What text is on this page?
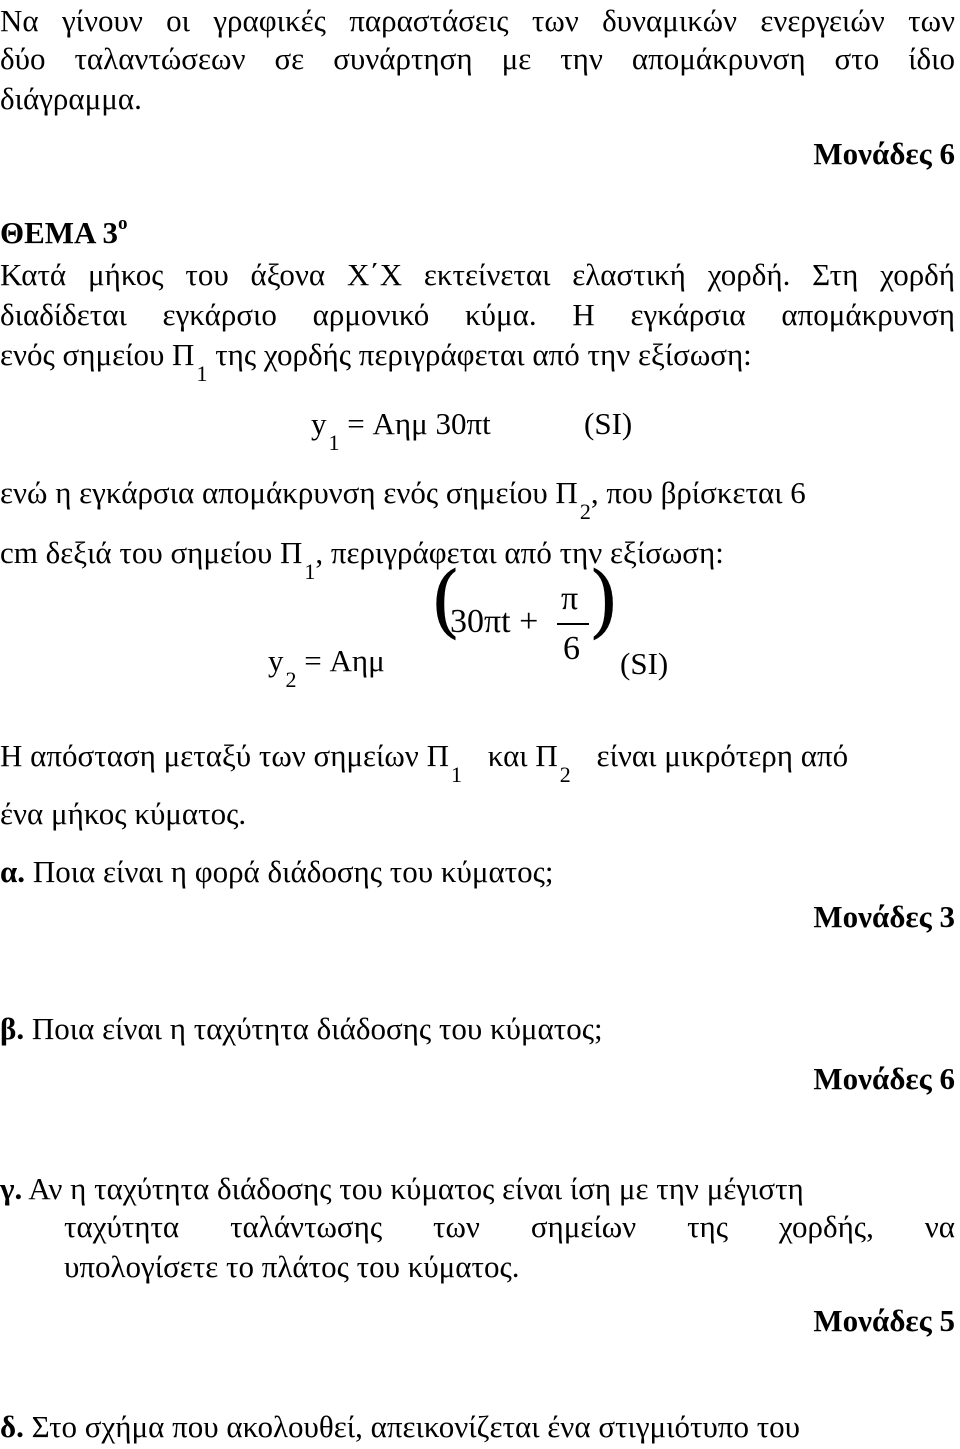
Να γίνουν οι γραφικές παραστάσεις των δυναμικών ενεργειών των
δύο ταλαντώσεων σε συνάρτηση με την απομάκρυνση στο ίδιο
διάγραμμα.
Μονάδες 6
ΘΕΜΑ $3^o$
Κατά μήκος του άξονα Χ΄Χ εκτείνεται ελαστική χορδή. Στη χορδή
διαδίδεται εγκάρσιο αρμονικό κύμα. Η εγκάρσια απομάκρυνση
ενός σημείου $\Pi_1$ της χορδής περιγράφεται από την εξίσωση:
$y_1 = A\eta\mu$ 30πt	(SI)
ενώ η εγκάρσια απομάκρυνση ενός σημείου $\Pi_2$, που βρίσκεται 6
cm δεξιά του σημείου $\Pi_1$, περιγράφεται από την εξίσωση:
$y_2 = A\eta\mu$
(
30πt +
π
6
)
(SI)
Η απόσταση μεταξύ των σημείων $\Pi_1$ και $\Pi_2$ είναι μικρότερη από
ένα μήκος κύματος.
α. Ποια είναι η φορά διάδοσης του κύματος;
Μονάδες 3
β. Ποια είναι η ταχύτητα διάδοσης του κύματος;
Μονάδες 6
γ. Αν η ταχύτητα διάδοσης του κύματος είναι ίση με την μέγιστη
ταχύτητα ταλάντωσης των σημείων της χορδής, να
υπολογίσετε το πλάτος του κύματος.
Μονάδες 5
δ. Στο σχήμα που ακολουθεί, απεικονίζεται ένα στιγμιότυπο του
